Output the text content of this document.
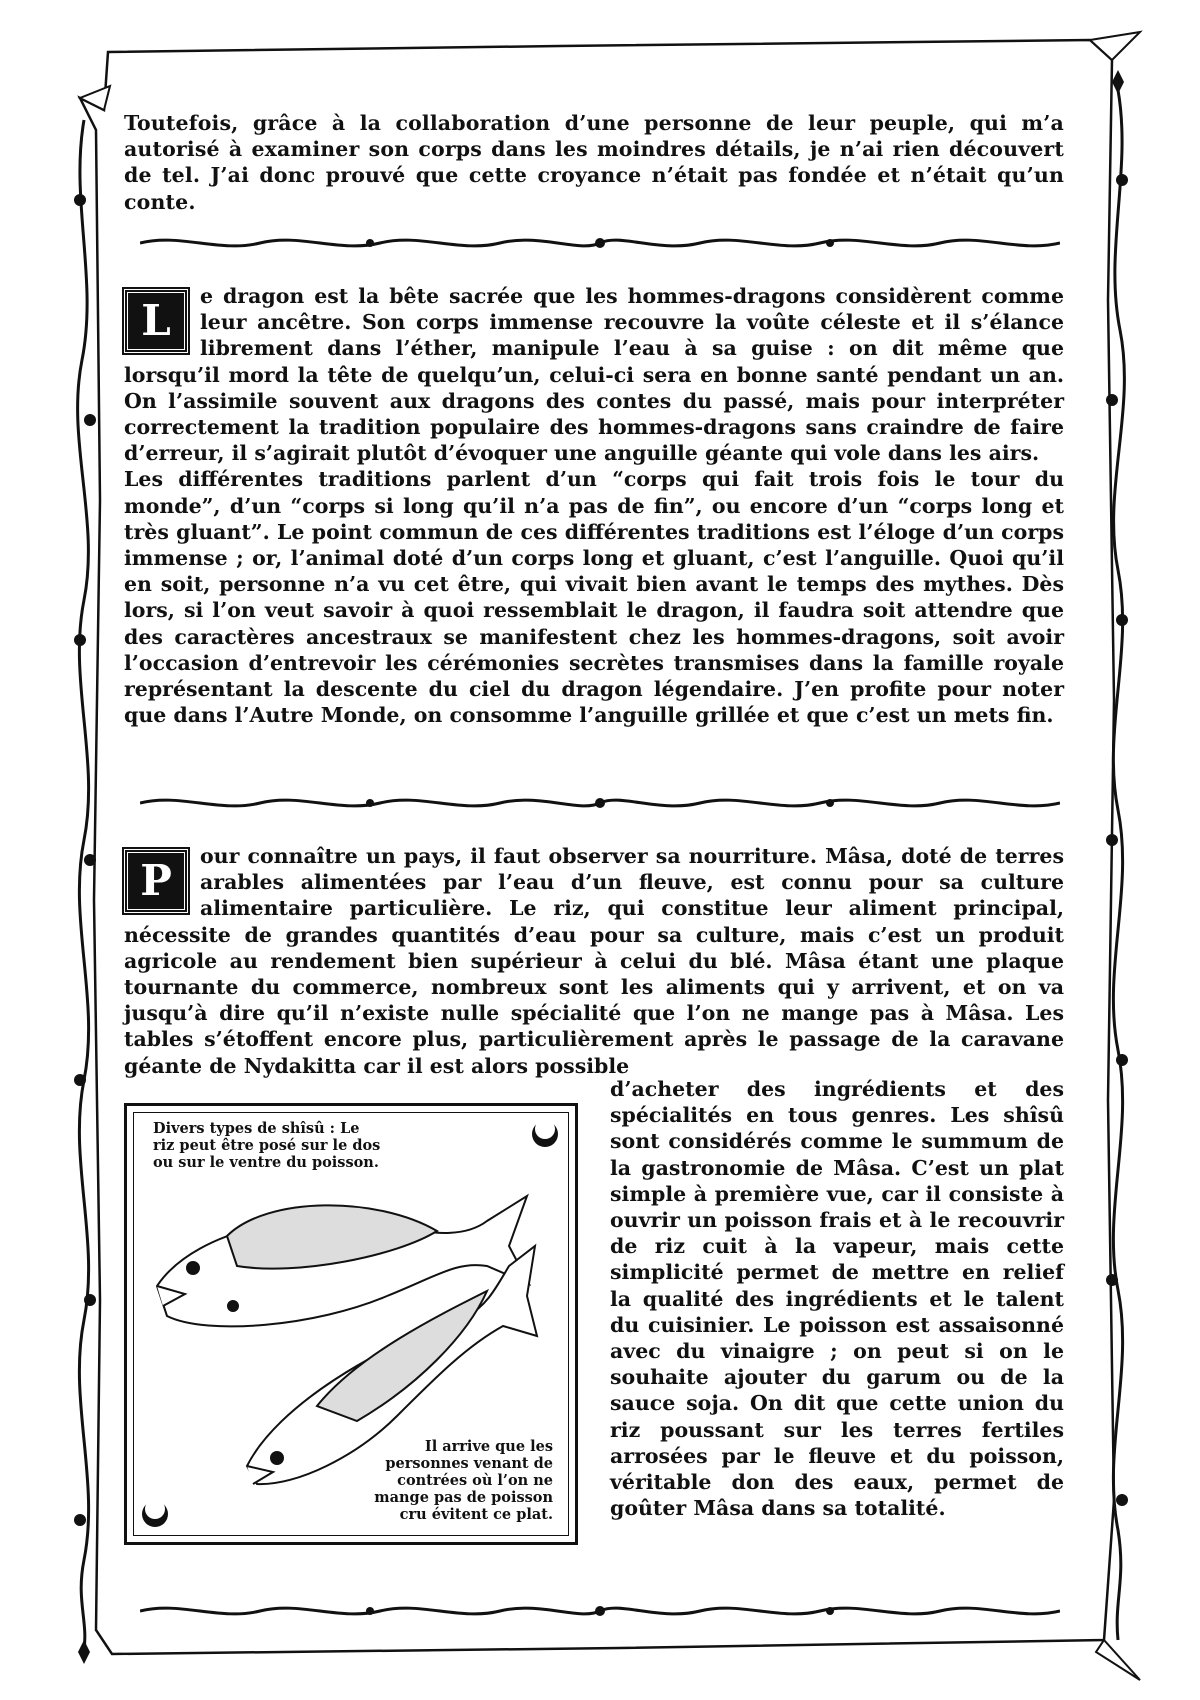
Toutefois, grâce à la collaboration d’une personne de leur peuple, qui m’a autorisé à examiner son corps dans les moindres détails, je n’ai rien découvert de tel. J’ai donc prouvé que cette croyance n’était pas fondée et n’était qu’un conte.

L	e dragon est la bête sacrée que les hommes-dragons considèrent comme leur ancêtre. Son corps immense recouvre la voûte céleste et il s’élance librement dans l’éther, manipule l’eau à sa guise : on dit même que lorsqu’il mord la tête de quelqu’un, celui-ci sera en bonne santé pendant un an. On l’assimile souvent aux dragons des contes du passé, mais pour interpréter correctement la tradition populaire des hommes-dragons sans craindre de faire d’erreur, il s’agirait plutôt d’évoquer une anguille géante qui vole dans les airs.

Les différentes traditions parlent d’un “corps qui fait trois fois le tour du monde”, d’un “corps si long qu’il n’a pas de fin”, ou encore d’un “corps long et très gluant”. Le point commun de ces différentes traditions est l’éloge d’un corps immense ; or, l’animal doté d’un corps long et gluant, c’est l’anguille. Quoi qu’il en soit, personne n’a vu cet être, qui vivait bien avant le temps des mythes. Dès lors, si l’on veut savoir à quoi ressemblait le dragon, il faudra soit attendre que des caractères ancestraux se manifestent chez les hommes-dragons, soit avoir l’occasion d’entrevoir les cérémonies secrètes transmises dans la famille royale représentant la descente du ciel du dragon légendaire. J’en profite pour noter que dans l’Autre Monde, on consomme l’anguille grillée et que c’est un mets fin.

P	our connaître un pays, il faut observer sa nourriture. Mâsa, doté de terres arables alimentées par l’eau d’un fleuve, est connu pour sa culture alimentaire particulière. Le riz, qui constitue leur aliment principal, nécessite de grandes quantités d’eau pour sa culture, mais c’est un produit agricole au rendement bien supérieur à celui du blé. Mâsa étant une plaque tournante du commerce, nombreux sont les aliments qui y arrivent, et on va jusqu’à dire qu’il n’existe nulle spécialité que l’on ne mange pas à Mâsa. Les tables s’étoffent encore plus, particulièrement après le passage de la caravane géante de Nydakitta car il est alors possible

d’acheter des ingrédients et des spécialités en tous genres. Les shîsû sont considérés comme le summum de la gastronomie de Mâsa. C’est un plat simple à première vue, car il consiste à ouvrir un poisson frais et à le recouvrir de riz cuit à la vapeur, mais cette simplicité permet de mettre en relief la qualité des ingrédients et le talent du cuisinier. Le poisson est assaisonné avec du vinaigre ; on peut si on le souhaite ajouter du garum ou de la sauce soja. On dit que cette union du riz poussant sur les terres fertiles arrosées par le fleuve et du poisson, véritable don des eaux, permet de goûter Mâsa dans sa totalité.

Divers types de shîsû : Le riz peut être posé sur le dos ou sur le ventre du poisson.
Il arrive que les personnes venant de contrées où l’on ne mange pas de poisson cru évitent ce plat.
